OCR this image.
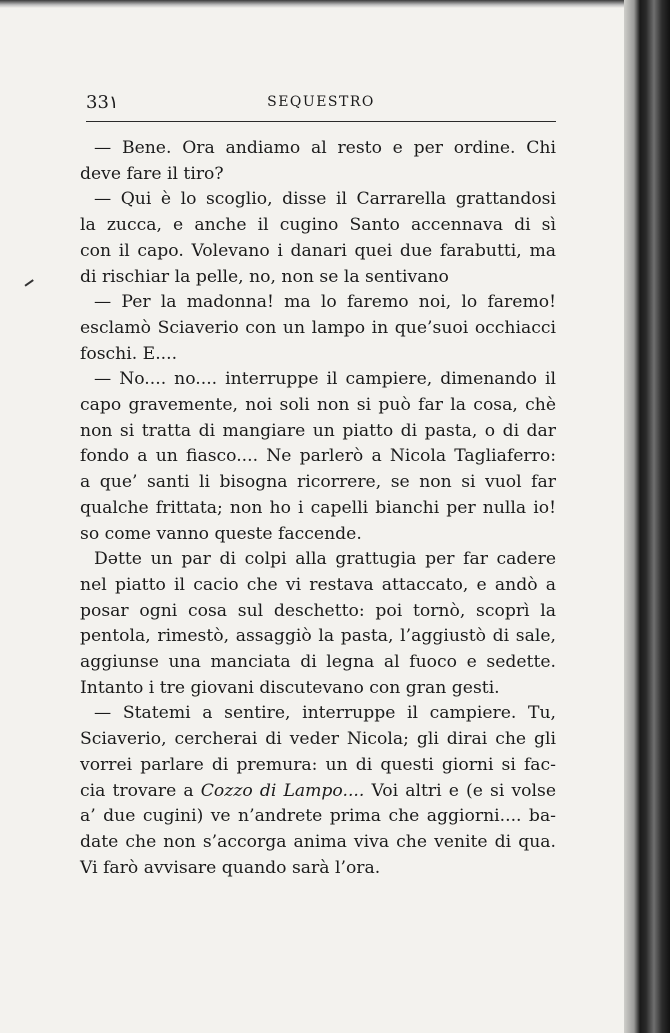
33١	SEQUESTRO
— Bene. Ora andiamo al resto e per ordine. Chi
deve fare il tiro?
— Qui è lo scoglio, disse il Carrarella grattandosi
la zucca, e anche il cugino Santo accennava di sì
con il capo. Volevano i danari quei due farabutti, ma
di rischiar la pelle, no, non se la sentivano
— Per la madonna! ma lo faremo noi, lo faremo!
esclamò Sciaverio con un lampo in que’suoi occhiacci
foschi. E....
— No.... no.... interruppe il campiere, dimenando il
capo gravemente, noi soli non si può far la cosa, chè
non si tratta di mangiare un piatto di pasta, o di dar
fondo a un fiasco.... Ne parlerò a Nicola Tagliaferro:
a que’ santi li bisogna ricorrere, se non si vuol far
qualche frittata; non ho i capelli bianchi per nulla io!
so come vanno queste faccende.
Dətte un par di colpi alla grattugia per far cadere
nel piatto il cacio che vi restava attaccato, e andò a
posar ogni cosa sul deschetto: poi tornò, scoprì la
pentola, rimestò, assaggiò la pasta, l’aggiustò di sale,
aggiunse una manciata di legna al fuoco e sedette.
Intanto i tre giovani discutevano con gran gesti.
— Statemi a sentire, interruppe il campiere. Tu,
Sciaverio, cercherai di veder Nicola; gli dirai che gli
vorrei parlare di premura: un di questi giorni si fac-
cia trovare a Cozzo di Lampo.... Voi altri e (e si volse
a’ due cugini) ve n’andrete prima che aggiorni.... ba-
date che non s’accorga anima viva che venite di qua.
Vi farò avvisare quando sarà l’ora.
